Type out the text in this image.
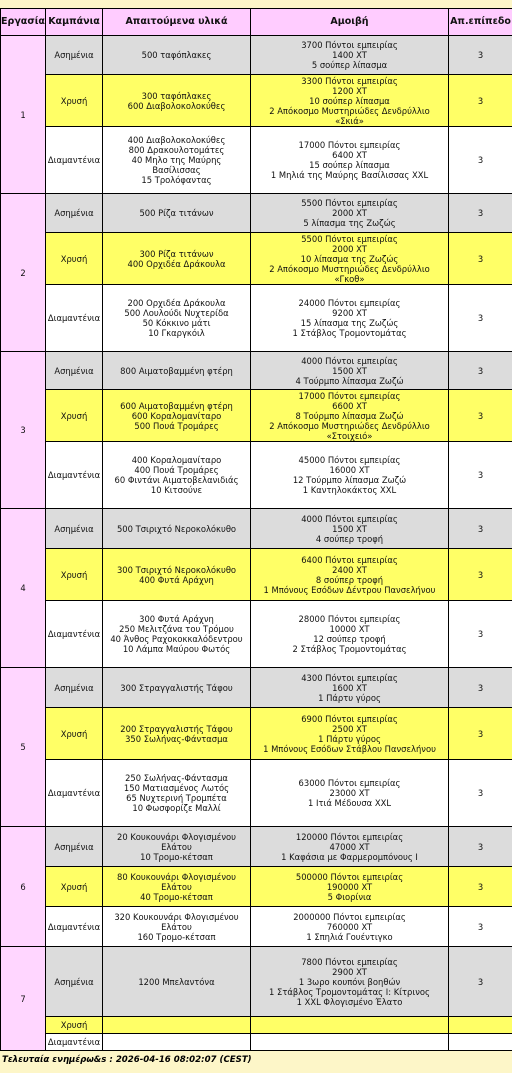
Εργασία	Καμπάνια	Απαιτούμενα υλικά	Αμοιβή	Απ.επίπεδο
1	Ασημένια	500 ταφόπλακες	3700 Πόντοι εμπειρίας
1400 XT
5 σούπερ λίπασμα	3
	Χρυσή	300 ταφόπλακες
600 Διαβολοκολοκύθες	3300 Πόντοι εμπειρίας
1200 XT
10 σούπερ λίπασμα
2 Απόκοσμο Μυστηριώδες Δενδρύλλιο
«Σκιά»	3
	Διαμαντένια	400 Διαβολοκολοκύθες
800 Δρακουλοτομάτες
40 Μηλο της Μαύρης
Βασίλισσας
15 Τρολόφαντας	17000 Πόντοι εμπειρίας
6400 XT
15 σούπερ λίπασμα
1 Μηλιά της Μαύρης Βασίλισσας XXL	3
2	Ασημένια	500 Ρίζα τιτάνων	5500 Πόντοι εμπειρίας
2000 XT
5 λίπασμα της Ζωζώς	3
	Χρυσή	300 Ρίζα τιτάνων
400 Ορχιδέα Δράκουλα	5500 Πόντοι εμπειρίας
2000 XT
10 λίπασμα της Ζωζώς
2 Απόκοσμο Μυστηριώδες Δενδρύλλιο
«Γκοθ»	3
	Διαμαντένια	200 Ορχιδέα Δράκουλα
500 Λουλούδι Νυχτερίδα
50 Κόκκινο μάτι
10 Γκαργκόιλ	24000 Πόντοι εμπειρίας
9200 XT
15 λίπασμα της Ζωζώς
1 Στάβλος Τρομοντομάτας	3
3	Ασημένια	800 Αιματοβαμμένη φτέρη	4000 Πόντοι εμπειρίας
1500 XT
4 Τούρμπο λίπασμα Ζωζώ	3
	Χρυσή	600 Αιματοβαμμένη φτέρη
600 Κοραλομανίταρο
500 Πουά Τρομάρες	17000 Πόντοι εμπειρίας
6600 XT
8 Τούρμπο λίπασμα Ζωζώ
2 Απόκοσμο Μυστηριώδες Δενδρύλλιο
«Στοιχειό»	3
	Διαμαντένια	400 Κοραλομανίταρο
400 Πουά Τρομάρες
60 Φιντάνι Αιματοβελανιδιάς
10 Κιτσούνε	45000 Πόντοι εμπειρίας
16000 XT
12 Τούρμπο λίπασμα Ζωζώ
1 Καντηλοκάκτος XXL	3
4	Ασημένια	500 Τσιριχτό Νεροκολόκυθο	4000 Πόντοι εμπειρίας
1500 XT
4 σούπερ τροφή	3
	Χρυσή	300 Τσιριχτό Νεροκολόκυθο
400 Φυτά Αράχνη	6400 Πόντοι εμπειρίας
2400 XT
8 σούπερ τροφή
1 Μπόνους Εσόδων Δέντρου Πανσελήνου	3
	Διαμαντένια	300 Φυτά Αράχνη
250 Μελιτζάνα του Τρόμου
40 Άνθος Ραχοκοκκαλόδεντρου
10 Λάμπα Μαύρου Φωτός	28000 Πόντοι εμπειρίας
10000 XT
12 σούπερ τροφή
2 Στάβλος Τρομοντομάτας	3
5	Ασημένια	300 Στραγγαλιστής Τάφου	4300 Πόντοι εμπειρίας
1600 XT
1 Πάρτυ γύρος	3
	Χρυσή	200 Στραγγαλιστής Τάφου
350 Σωλήνας-Φάντασμα	6900 Πόντοι εμπειρίας
2500 XT
1 Πάρτυ γύρος
1 Μπόνους Εσόδων Στάβλου Πανσελήνου	3
	Διαμαντένια	250 Σωλήνας-Φάντασμα
150 Ματιασμένος Λωτός
65 Νυχτερινή Τρομπέτα
10 Φωσφορίζε Μαλλί	63000 Πόντοι εμπειρίας
23000 XT
1 Ιτιά Μέδουσα XXL	3
6	Ασημένια	20 Κουκουνάρι Φλογισμένου
Ελάτου
10 Τρομο-κέτσαπ	120000 Πόντοι εμπειρίας
47000 XT
1 Καφάσια με Φαρμερομπόνους I	3
	Χρυσή	80 Κουκουνάρι Φλογισμένου
Ελάτου
40 Τρομο-κέτσαπ	500000 Πόντοι εμπειρίας
190000 XT
5 Φιορίνια	3
	Διαμαντένια	320 Κουκουνάρι Φλογισμένου
Ελάτου
160 Τρομο-κέτσαπ	2000000 Πόντοι εμπειρίας
760000 XT
1 Σπηλιά Γουέντιγκο	3
7	Ασημένια	1200 Μπελαντόνα	7800 Πόντοι εμπειρίας
2900 XT
1 3ωρο κουπόνι βοηθών
1 Στάβλος Τρομοντομάτας I: Κίτρινος
1 XXL Φλογισμένο Έλατο	3
	Χρυσή			
	Διαμαντένια			
Τελευταία ενημέρω&s : 2026-04-16 08:02:07 (CEST)
